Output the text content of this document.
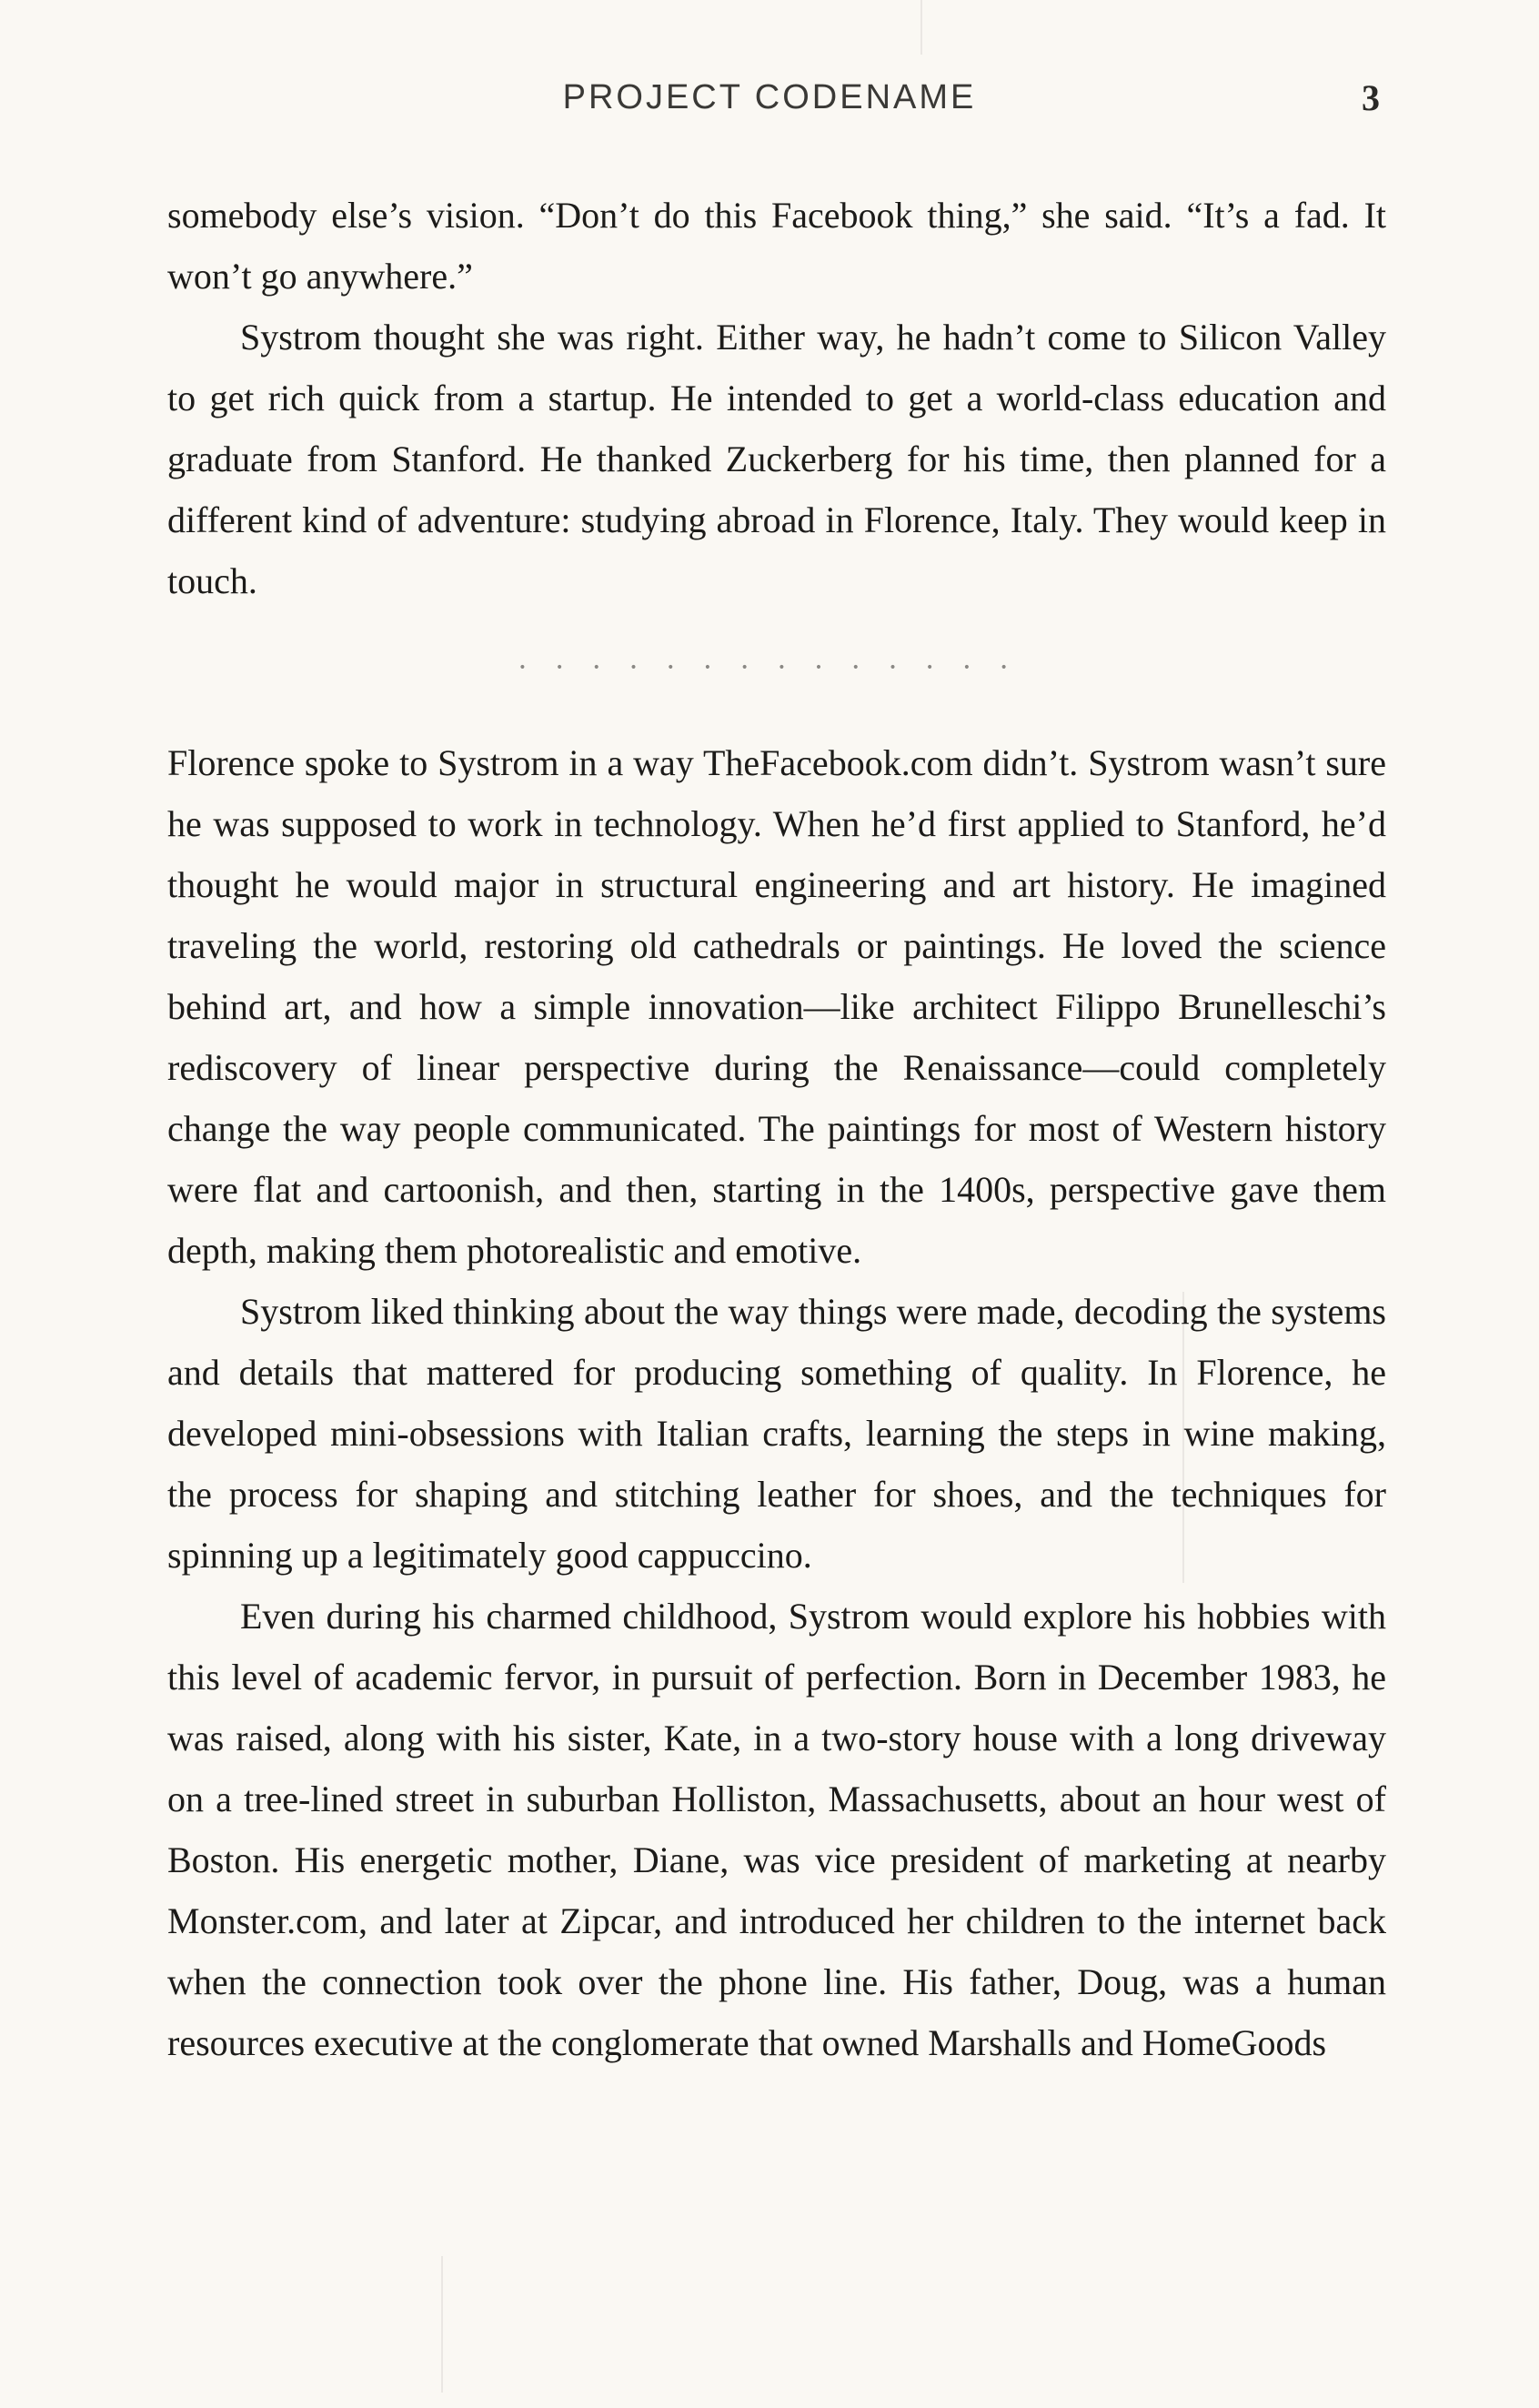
PROJECT CODENAME	3

somebody else’s vision. “Don’t do this Facebook thing,” she said. “It’s a fad. It won’t go anywhere.”

Systrom thought she was right. Either way, he hadn’t come to Silicon Valley to get rich quick from a startup. He intended to get a world-class education and graduate from Stanford. He thanked Zuckerberg for his time, then planned for a different kind of adventure: studying abroad in Florence, Italy. They would keep in touch.

• • • • • • • • • • • • • •

Florence spoke to Systrom in a way TheFacebook.com didn’t. Systrom wasn’t sure he was supposed to work in technology. When he’d first applied to Stanford, he’d thought he would major in structural engineering and art history. He imagined traveling the world, restoring old cathedrals or paintings. He loved the science behind art, and how a simple innovation—like architect Filippo Brunelleschi’s rediscovery of linear perspective during the Renaissance—could completely change the way people communicated. The paintings for most of Western history were flat and cartoonish, and then, starting in the 1400s, perspective gave them depth, making them photorealistic and emotive.

Systrom liked thinking about the way things were made, decoding the systems and details that mattered for producing something of quality. In Florence, he developed mini-obsessions with Italian crafts, learning the steps in wine making, the process for shaping and stitching leather for shoes, and the techniques for spinning up a legitimately good cappuccino.

Even during his charmed childhood, Systrom would explore his hobbies with this level of academic fervor, in pursuit of perfection. Born in December 1983, he was raised, along with his sister, Kate, in a two-story house with a long driveway on a tree-lined street in suburban Holliston, Massachusetts, about an hour west of Boston. His energetic mother, Diane, was vice president of marketing at nearby Monster.com, and later at Zipcar, and introduced her children to the internet back when the connection took over the phone line. His father, Doug, was a human resources executive at the conglomerate that owned Marshalls and HomeGoods
